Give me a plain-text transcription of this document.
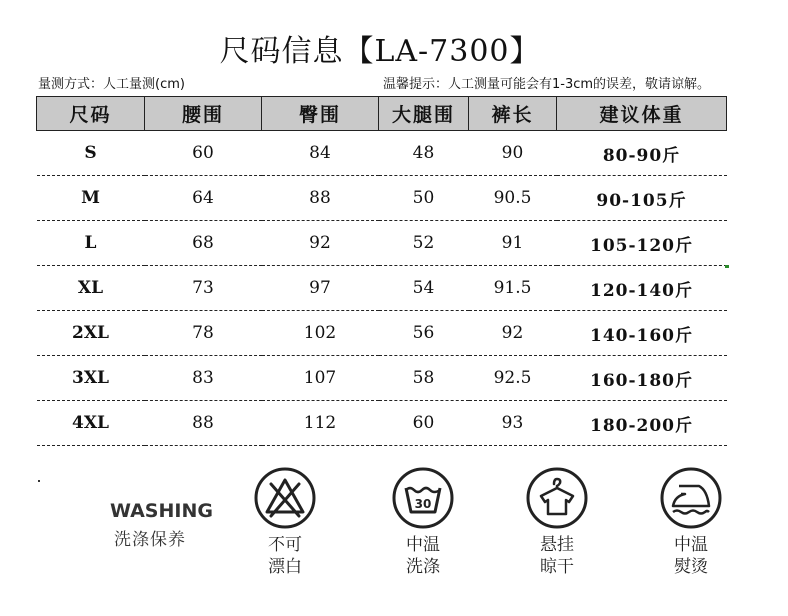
尺码信息【LA-7300】
量测方式：人工量测(cm)	温馨提示：人工测量可能会有1-3cm的误差，敬请谅解。
尺码	腰围	臀围	大腿围	裤长	建议体重
S	60	84	48	90	80-90斤
M	64	88	50	90.5	90-105斤
L	68	92	52	91	105-120斤
XL	73	97	54	91.5	120-140斤
2XL	78	102	56	92	140-160斤
3XL	83	107	58	92.5	160-180斤
4XL	88	112	60	93	180-200斤
WASHING
洗涤保养	不可
漂白
30
中温
洗涤
悬挂
晾干
中温
熨烫
